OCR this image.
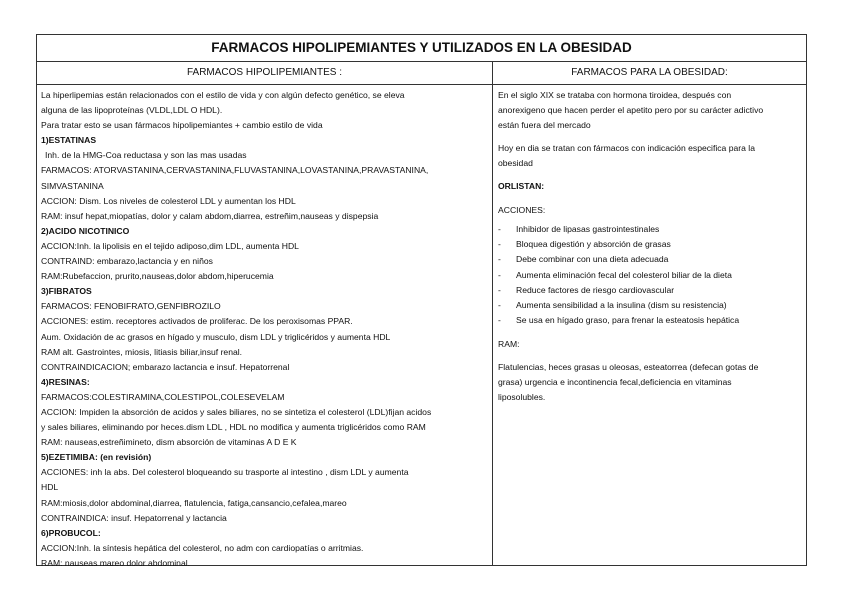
FARMACOS HIPOLIPEMIANTES Y UTILIZADOS EN LA OBESIDAD
FARMACOS HIPOLIPEMIANTES :	FARMACOS PARA LA OBESIDAD:

La hiperlipemias están relacionados con el estilo de vida y con algún defecto genético, se eleva

alguna de las lipoproteínas (VLDL,LDL O HDL).

Para tratar esto se usan fármacos hipolipemiantes + cambio estilo de vida

1)ESTATINAS

Inh. de la HMG-Coa reductasa y son las mas usadas

FARMACOS: ATORVASTANINA,CERVASTANINA,FLUVASTANINA,LOVASTANINA,PRAVASTANINA,

SIMVASTANINA

ACCION: Dism. Los niveles de colesterol LDL y aumentan los HDL

RAM: insuf hepat,miopatías, dolor y calam abdom,diarrea, estreñim,nauseas y dispepsia

2)ACIDO NICOTINICO

ACCION:Inh. la lipolisis en el tejido adiposo,dim LDL, aumenta HDL

CONTRAIND: embarazo,lactancia y en niños

RAM:Rubefaccion, prurito,nauseas,dolor abdom,hiperucemia

3)FIBRATOS

FARMACOS: FENOBIFRATO,GENFIBROZILO

ACCIONES: estim. receptores activados de proliferac. De los peroxisomas PPAR.

Aum. Oxidación de ac grasos en hígado y musculo, dism LDL y triglicéridos y aumenta HDL

RAM alt. Gastrointes, miosis, litiasis biliar,insuf renal.

CONTRAINDICACION; embarazo lactancia e insuf. Hepatorrenal

4)RESINAS:

FARMACOS:COLESTIRAMINA,COLESTIPOL,COLESEVELAM

ACCION: Impiden la absorción de acidos y sales biliares, no se sintetiza el colesterol (LDL)fijan acidos

y sales biliares, eliminando por heces.dism LDL , HDL no modifica y aumenta triglicéridos como RAM

RAM: nauseas,estreñimineto, dism absorción de vitaminas A D E K

5)EZETIMIBA: (en revisión)

ACCIONES: inh la abs. Del colesterol bloqueando su trasporte al intestino , dism LDL y aumenta

HDL

RAM:miosis,dolor abdominal,diarrea, flatulencia, fatiga,cansancio,cefalea,mareo

CONTRAINDICA: insuf. Hepatorrenal y lactancia

6)PROBUCOL:

ACCION:Inh. la síntesis hepática del colesterol, no adm con cardiopatías o arritmias.

RAM: nauseas mareo dolor abdominal.

En el siglo XIX se trataba con hormona tiroidea, después con

anorexigeno que hacen perder el apetito pero por su carácter adictivo

están fuera del mercado

Hoy en dia se tratan con fármacos con indicación especifica para la

obesidad

ORLISTAN:

ACCIONES:

- Inhibidor de lipasas gastrointestinales
- Bloquea digestión y absorción de grasas
- Debe combinar con una dieta adecuada
- Aumenta eliminación fecal del colesterol biliar de la dieta
- Reduce factores de riesgo cardiovascular
- Aumenta sensibilidad a la insulina (dism su resistencia)
- Se usa en hígado graso, para frenar la esteatosis hepática

RAM:

Flatulencias, heces grasas u oleosas, esteatorrea (defecan gotas de

grasa) urgencia e incontinencia fecal,deficiencia en vitaminas

liposolubles.
